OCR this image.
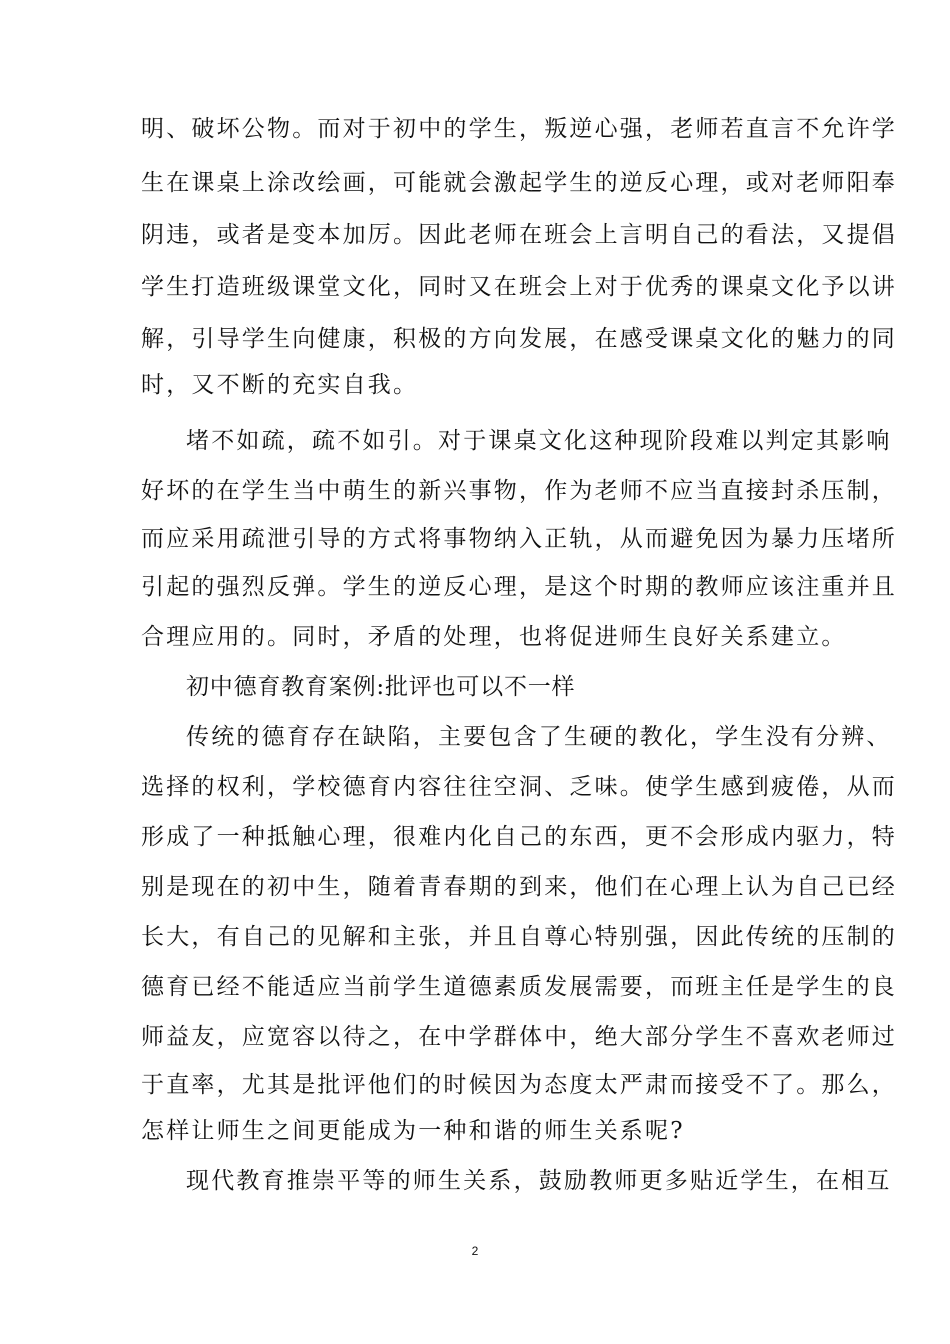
明、破坏公物。而对于初中的学生，叛逆心强，老师若直言不允许学
生在课桌上涂改绘画，可能就会激起学生的逆反心理，或对老师阳奉
阴违，或者是变本加厉。因此老师在班会上言明自己的看法，又提倡
学生打造班级课堂文化，同时又在班会上对于优秀的课桌文化予以讲
解，引导学生向健康，积极的方向发展，在感受课桌文化的魅力的同
时，又不断的充实自我。
堵不如疏，疏不如引。对于课桌文化这种现阶段难以判定其影响
好坏的在学生当中萌生的新兴事物，作为老师不应当直接封杀压制，
而应采用疏泄引导的方式将事物纳入正轨，从而避免因为暴力压堵所
引起的强烈反弹。学生的逆反心理，是这个时期的教师应该注重并且
合理应用的。同时，矛盾的处理，也将促进师生良好关系建立。
初中德育教育案例:批评也可以不一样
传统的德育存在缺陷，主要包含了生硬的教化，学生没有分辨、
选择的权利，学校德育内容往往空洞、乏味。使学生感到疲倦，从而
形成了一种抵触心理，很难内化自己的东西，更不会形成内驱力，特
别是现在的初中生，随着青春期的到来，他们在心理上认为自己已经
长大，有自己的见解和主张，并且自尊心特别强，因此传统的压制的
德育已经不能适应当前学生道德素质发展需要，而班主任是学生的良
师益友，应宽容以待之，在中学群体中，绝大部分学生不喜欢老师过
于直率，尤其是批评他们的时候因为态度太严肃而接受不了。那么，
怎样让师生之间更能成为一种和谐的师生关系呢?
现代教育推崇平等的师生关系，鼓励教师更多贴近学生，在相互
2
